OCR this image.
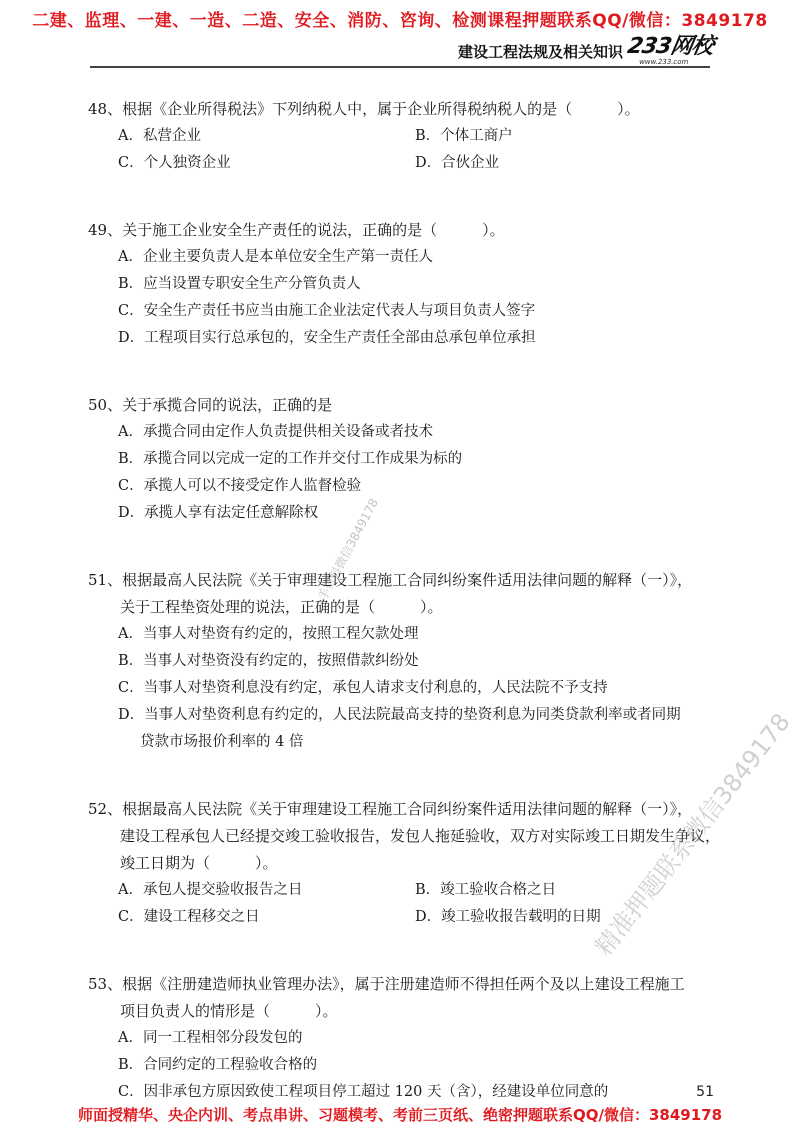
二建、监理、一建、一造、二造、安全、消防、咨询、检测课程押题联系QQ/微信：3849178
建设工程法规及相关知识 233网校
www.233.com
48、根据《企业所得税法》下列纳税人中，属于企业所得税纳税人的是（　　　）。
A．私营企业	B．个体工商户
C．个人独资企业	D．合伙企业
49、关于施工企业安全生产责任的说法，正确的是（　　　）。
A．企业主要负责人是本单位安全生产第一责任人
B．应当设置专职安全生产分管负责人
C．安全生产责任书应当由施工企业法定代表人与项目负责人签字
D．工程项目实行总承包的，安全生产责任全部由总承包单位承担
50、关于承揽合同的说法，正确的是
A．承揽合同由定作人负责提供相关设备或者技术
B．承揽合同以完成一定的工作并交付工作成果为标的
C．承揽人可以不接受定作人监督检验
D．承揽人享有法定任意解除权
51、根据最高人民法院《关于审理建设工程施工合同纠纷案件适用法律问题的解释（一）》，
关于工程垫资处理的说法，正确的是（　　　）。
A．当事人对垫资有约定的，按照工程欠款处理
B．当事人对垫资没有约定的，按照借款纠纷处
C．当事人对垫资利息没有约定，承包人请求支付利息的，人民法院不予支持
D．当事人对垫资利息有约定的，人民法院最高支持的垫资利息为同类贷款利率或者同期
贷款市场报价利率的 4 倍
52、根据最高人民法院《关于审理建设工程施工合同纠纷案件适用法律问题的解释（一）》，
建设工程承包人已经提交竣工验收报告，发包人拖延验收，双方对实际竣工日期发生争议，
竣工日期为（　　　）。
A．承包人提交验收报告之日	B．竣工验收合格之日
C．建设工程移交之日	D．竣工验收报告载明的日期
53、根据《注册建造师执业管理办法》，属于注册建造师不得担任两个及以上建设工程施工
项目负责人的情形是（　　　）。
A．同一工程相邻分段发包的
B．合同约定的工程验收合格的
C．因非承包方原因致使工程项目停工超过 120 天（含），经建设单位同意的
一手资料微信3849178
精准押题联系微信3849178
51
师面授精华、央企内训、考点串讲、习题模考、考前三页纸、绝密押题联系QQ/微信：3849178
